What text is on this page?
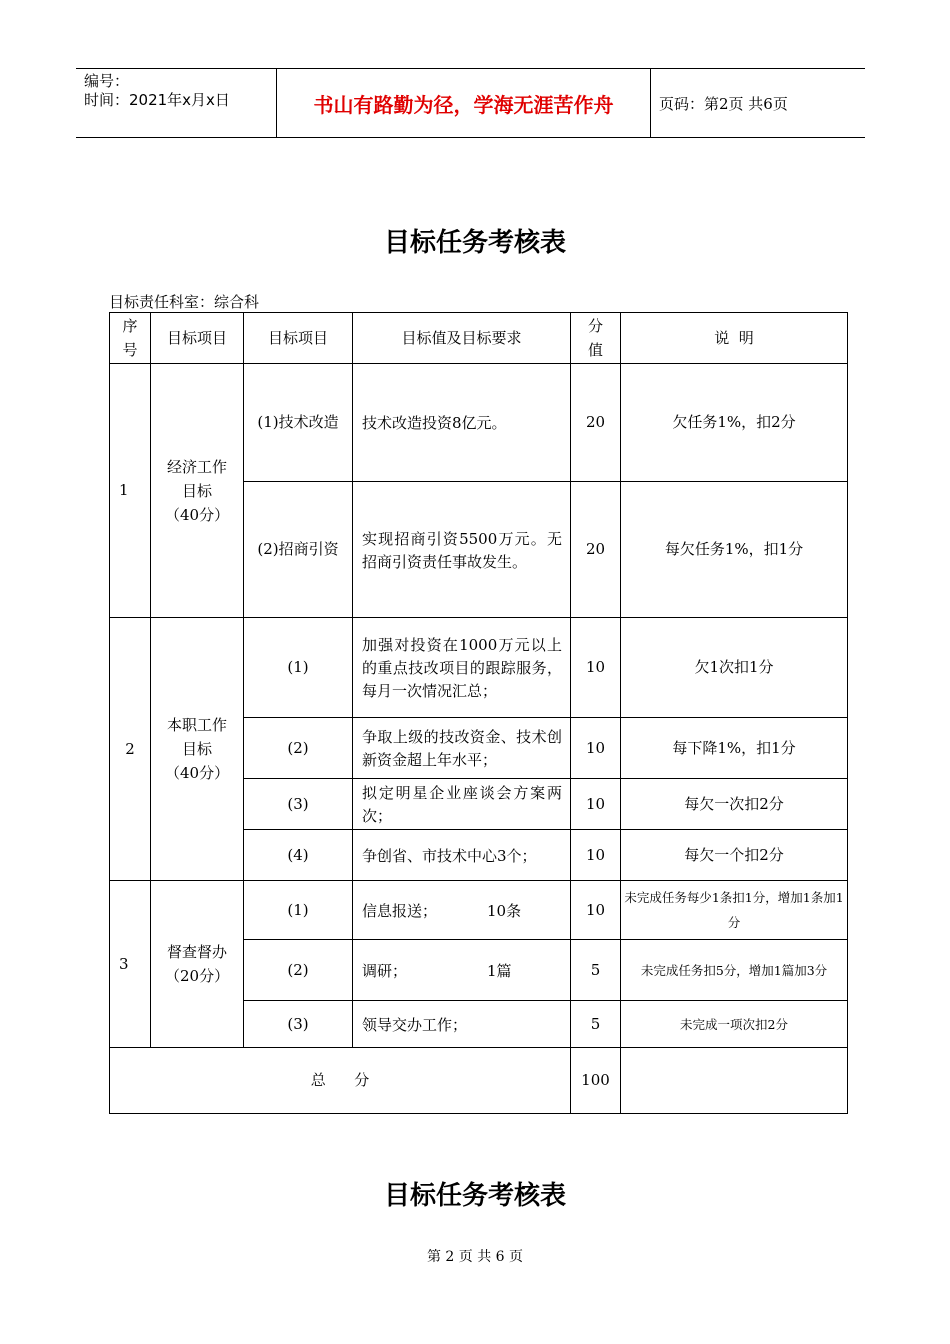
编号：
时间：2021年x月x日	书山有路勤为径，学海无涯苦作舟	页码：第2页 共6页
目标任务考核表
目标责任科室：综合科
序号	目标项目	目标项目	目标值及目标要求	分值	说  明
1	经济工作目标（40分）	(1)技术改造	技术改造投资8亿元。	20	欠任务1%，扣2分
		(2)招商引资	实现招商引资5500万元。无招商引资责任事故发生。	20	每欠任务1%，扣1分
2	本职工作目标（40分）	(1)	加强对投资在1000万元以上的重点技改项目的跟踪服务，每月一次情况汇总；	10	欠1次扣1分
		(2)	争取上级的技改资金、技术创新资金超上年水平；	10	每下降1%，扣1分
		(3)	拟定明星企业座谈会方案两次；	10	每欠一次扣2分
		(4)	争创省、市技术中心3个；	10	每欠一个扣2分
3	督查督办（20分）	(1)	信息报送； 10条	10	未完成任务每少1条扣1分，增加1条加1分
		(2)	调研； 1篇	5	未完成任务扣5分，增加1篇加3分
		(3)	领导交办工作；	5	未完成一项次扣2分
总      分				100	
目标任务考核表
第 2 页 共 6 页
